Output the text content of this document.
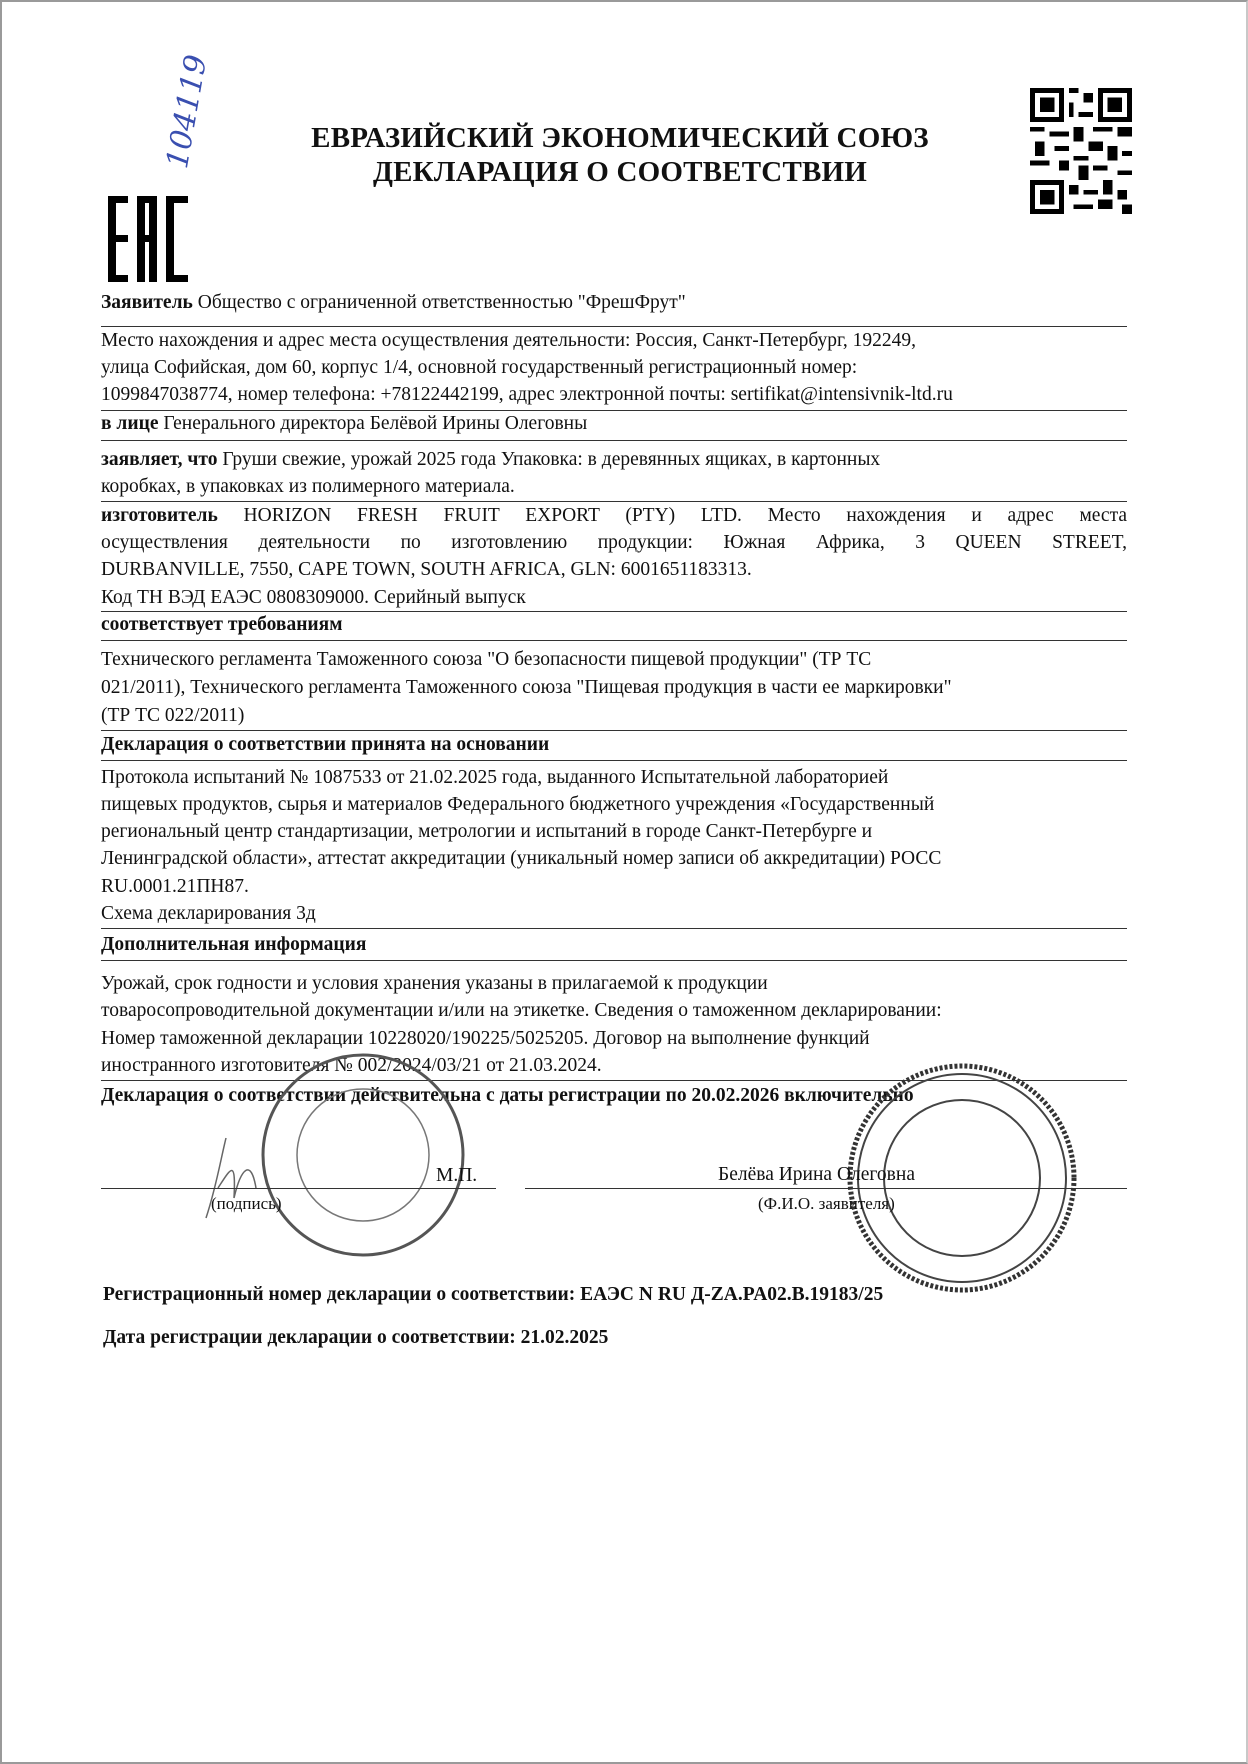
104119	ЕВРАЗИЙСКИЙ ЭКОНОМИЧЕСКИЙ СОЮЗ
ДЕКЛАРАЦИЯ О СООТВЕТСТВИИ
Заявитель Общество с ограниченной ответственностью "ФрешФрут"
Место нахождения и адрес места осуществления деятельности: Россия, Санкт-Петербург, 192249,
улица Софийская, дом 60, корпус 1/4, основной государственный регистрационный номер:
1099847038774, номер телефона: +78122442199, адрес электронной почты: sertifikat@intensivnik-ltd.ru
в лице Генерального директора Белёвой Ирины Олеговны
заявляет, что Груши свежие, урожай 2025 года Упаковка: в деревянных ящиках, в картонных
коробках, в упаковках из полимерного материала.
изготовитель HORIZON FRESH FRUIT EXPORT (PTY) LTD. Место нахождения и адрес места
осуществления деятельности по изготовлению продукции: Южная Африка, 3 QUEEN STREET,
DURBANVILLE, 7550, CAPE TOWN, SOUTH AFRICA, GLN: 6001651183313.
Код ТН ВЭД ЕАЭС 0808309000. Серийный выпуск
соответствует требованиям
Технического регламента Таможенного союза "О безопасности пищевой продукции" (ТР ТС
021/2011), Технического регламента Таможенного союза "Пищевая продукция в части ее маркировки"
(ТР ТС 022/2011)
Декларация о соответствии принята на основании
Протокола испытаний № 1087533 от 21.02.2025 года, выданного Испытательной лабораторией
пищевых продуктов, сырья и материалов Федерального бюджетного учреждения «Государственный
региональный центр стандартизации, метрологии и испытаний в городе Санкт-Петербурге и
Ленинградской области», аттестат аккредитации (уникальный номер записи об аккредитации) РОСС
RU.0001.21ПН87.
Схема декларирования 3д
Дополнительная информация
Урожай, срок годности и условия хранения указаны в прилагаемой к продукции
товаросопроводительной документации и/или на этикетке. Сведения о таможенном декларировании:
Номер таможенной декларации 10228020/190225/5025205. Договор на выполнение функций
иностранного изготовителя № 002/2024/03/21 от 21.03.2024.
Декларация о соответствии действительна с даты регистрации по 20.02.2026 включительно
М.П.
(подпись)
Белёва Ирина Олеговна
(Ф.И.О. заявителя)
Регистрационный номер декларации о соответствии: ЕАЭС N RU Д-ZA.PA02.B.19183/25
Дата регистрации декларации о соответствии: 21.02.2025
